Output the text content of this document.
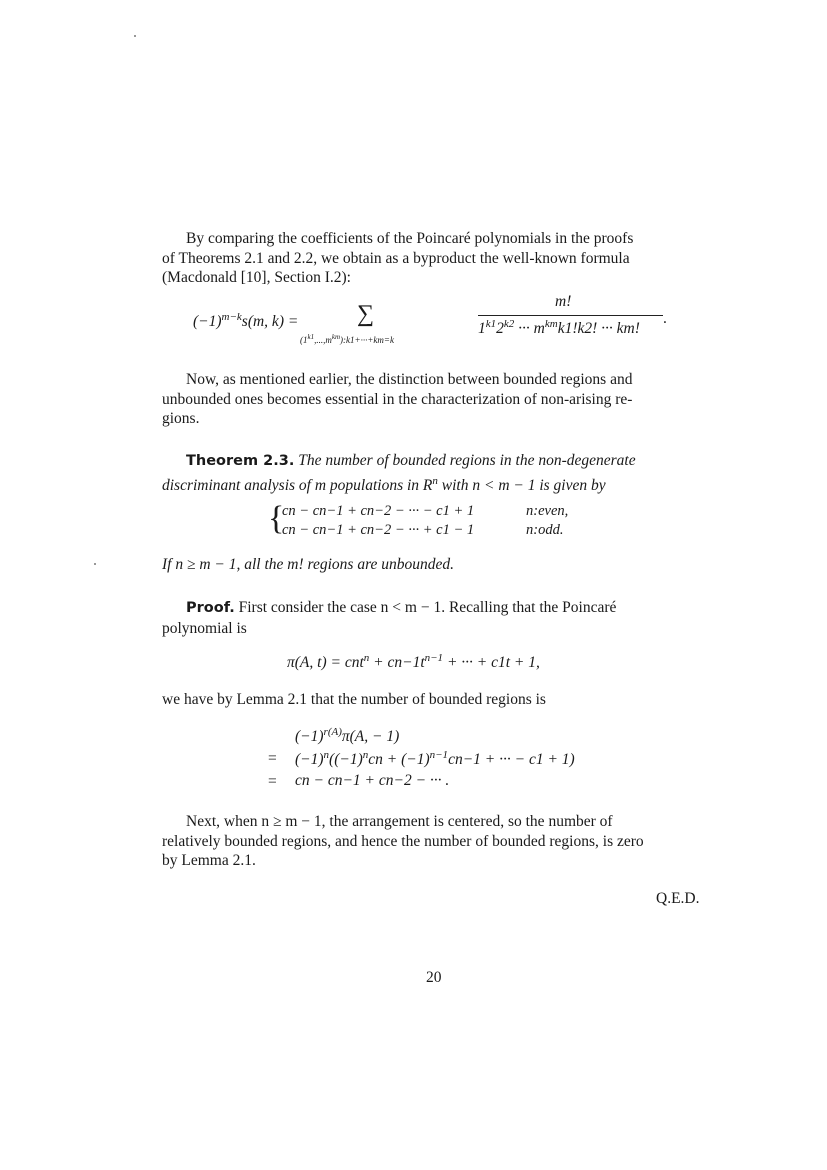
By comparing the coefficients of the Poincaré polynomials in the proofs
of Theorems 2.1 and 2.2, we obtain as a byproduct the well-known formula
(Macdonald [10], Section I.2):
$(-1)^{m-k}s(m$, k) = ∑
$(1^{k1},...,m^{km}):k1+\cdot\cdot\cdot+km=k$
m!
$1^{k1}2^{k2}$ ··· $m^{km}k1!k2$! ··· km!
.
Now, as mentioned earlier, the distinction between bounded regions and
unbounded ones becomes essential in the characterization of non-arising re-
gions.
Theorem 2.3. The number of bounded regions in the non-degenerate
discriminant analysis of m populations in $R^n$ with n < m − 1 is given by
{
cn − cn−1 + cn−2 − ··· − c1 + 1	n:even,
cn − cn−1 + cn−2 − ··· + c1 − 1	n:odd.
If n ≥ m − 1, all the m! regions are unbounded.
Proof. First consider the case n < m − 1. Recalling that the Poincaré
polynomial is
π(A, $t) = cnt^n + cn-1t^{n-1}$ + ··· + c1t + 1,
we have by Lemma 2.1 that the number of bounded regions is
$(-1)^{r(A)}\pi(A$, − 1)
= $(-1)^n((-1)^ncn + (-1)^{n-1}cn-1$ + ··· − c1 + 1)
= cn − cn−1 + cn−2 − ··· .
Next, when n ≥ m − 1, the arrangement is centered, so the number of
relatively bounded regions, and hence the number of bounded regions, is zero
by Lemma 2.1.
Q.E.D.
20
